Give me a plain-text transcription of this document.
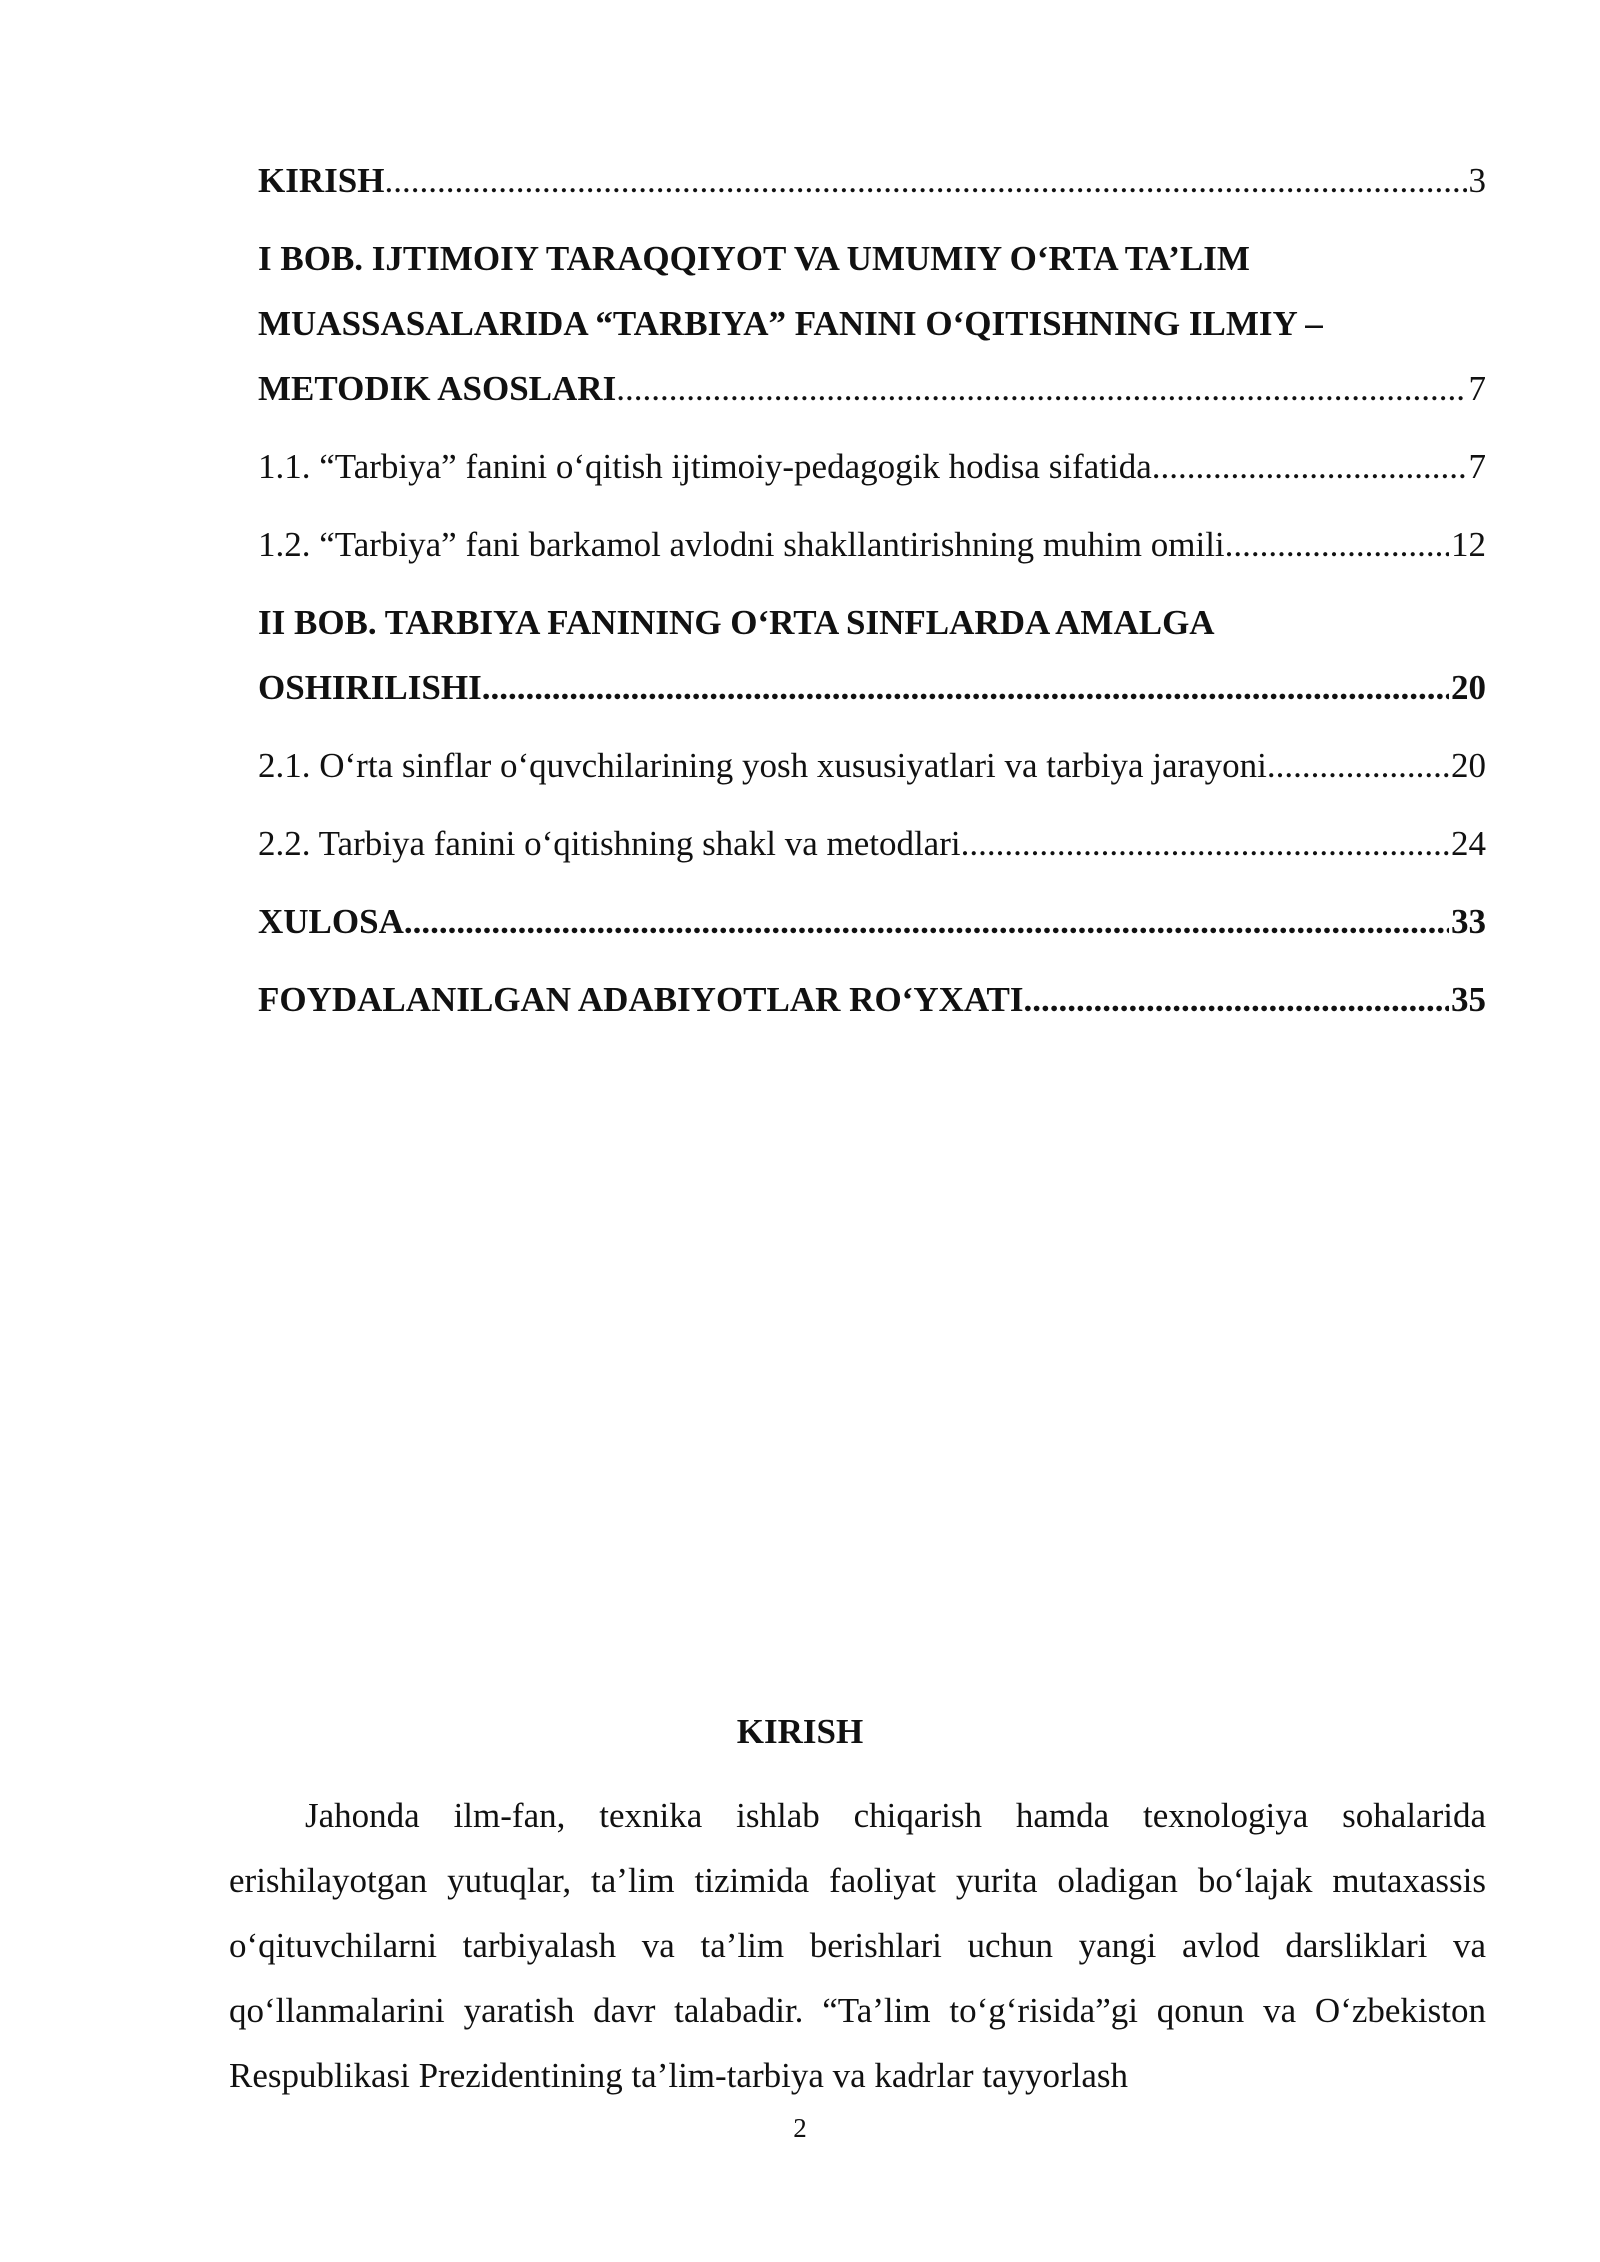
KIRISH .....	3
I BOB. IJTIMOIY TARAQQIYOT VA UMUMIY O‘RTA TA’LIM
MUASSASALARIDA “TARBIYA” FANINI O‘QITISHNING ILMIY –
METODIK ASOSLARI .....	7
1.1. “Tarbiya” fanini o‘qitish ijtimoiy-pedagogik hodisa sifatida .....	7
1.2. “Tarbiya” fani barkamol avlodni shakllantirishning muhim omili .....	12
II BOB. TARBIYA FANINING O‘RTA SINFLARDA AMALGA
OSHIRILISHI .....	20
2.1. O‘rta sinflar o‘quvchilarining yosh xususiyatlari va tarbiya jarayoni .....	20
2.2. Tarbiya fanini o‘qitishning shakl va metodlari .....	24
XULOSA .....	33
FOYDALANILGAN ADABIYOTLAR RO‘YXATI .....	35
KIRISH

Jahonda ilm-fan, texnika ishlab chiqarish hamda texnologiya sohalarida erishilayotgan yutuqlar, ta’lim tizimida faoliyat yurita oladigan bo‘lajak mutaxassis o‘qituvchilarni tarbiyalash va ta’lim berishlari uchun yangi avlod darsliklari va qo‘llanmalarini yaratish davr talabadir. “Ta’lim to‘g‘risida”gi qonun va O‘zbekiston Respublikasi Prezidentining ta’lim-tarbiya va kadrlar tayyorlash

2
